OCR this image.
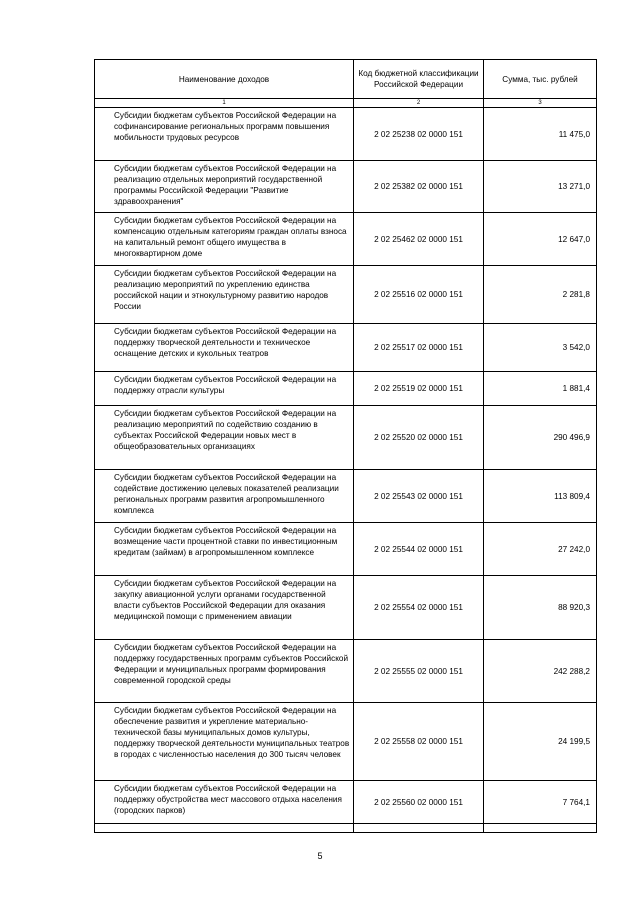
Наименование доходов	Код бюджетной классификации Российской Федерации	Сумма, тыс. рублей
1	2	3
Субсидии бюджетам субъектов Российской Федерации на софинансирование региональных программ повышения мобильности трудовых ресурсов	2 02 25238 02 0000 151	11 475,0
Субсидии бюджетам субъектов Российской Федерации на реализацию отдельных мероприятий государственной программы Российской Федерации "Развитие здравоохранения"	2 02 25382 02 0000 151	13 271,0
Субсидии бюджетам субъектов Российской Федерации на компенсацию отдельным категориям граждан оплаты взноса на капитальный ремонт общего имущества в многоквартирном доме	2 02 25462 02 0000 151	12 647,0
Субсидии бюджетам субъектов Российской Федерации на реализацию мероприятий по укреплению единства российской нации и этнокультурному развитию народов России	2 02 25516 02 0000 151	2 281,8
Субсидии бюджетам субъектов Российской Федерации на поддержку творческой деятельности и техническое оснащение детских и кукольных театров	2 02 25517 02 0000 151	3 542,0
Субсидии бюджетам субъектов Российской Федерации на поддержку отрасли культуры	2 02 25519 02 0000 151	1 881,4
Субсидии бюджетам субъектов Российской Федерации на реализацию мероприятий по содействию созданию в субъектах Российской Федерации новых мест в общеобразовательных организациях	2 02 25520 02 0000 151	290 496,9
Субсидии бюджетам субъектов Российской Федерации на содействие достижению целевых показателей реализации региональных программ развития агропромышленного комплекса	2 02 25543 02 0000 151	113 809,4
Субсидии бюджетам субъектов Российской Федерации на возмещение части процентной ставки по инвестиционным кредитам (займам) в агропромышленном комплексе	2 02 25544 02 0000 151	27 242,0
Субсидии бюджетам субъектов Российской Федерации на закупку авиационной услуги органами государственной власти субъектов Российской Федерации для оказания медицинской помощи с применением авиации	2 02 25554 02 0000 151	88 920,3
Субсидии бюджетам субъектов Российской Федерации на поддержку государственных программ субъектов Российской Федерации и муниципальных программ формирования современной городской среды	2 02 25555 02 0000 151	242 288,2
Субсидии бюджетам субъектов Российской Федерации на обеспечение развития и укрепление материально-технической базы муниципальных домов культуры, поддержку творческой деятельности муниципальных театров в городах с численностью населения до 300 тысяч человек	2 02 25558 02 0000 151	24 199,5
Субсидии бюджетам субъектов Российской Федерации на поддержку обустройства мест массового отдыха населения (городских парков)	2 02 25560 02 0000 151	7 764,1

5
